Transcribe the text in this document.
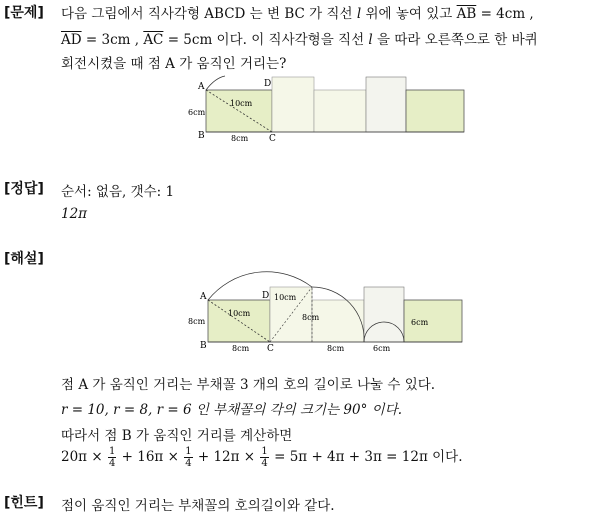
[문제] 다음 그림에서 직사각형 ABCD 는 변 BC 가 직선 l 위에 놓여 있고 $\overline{AB} = 4cm$ ,
$\overline{AD} = 3cm$ , $\overline{AC} = 5cm$ 이다. 이 직사각형을 직선 l 을 따라 오른쪽으로 한 바퀴
회전시켰을 때 점 A 가 움직인 거리는?
A	D
B	C
6cm
10cm
8cm
[정답] 순서: 없음, 갯수: 1
12π
[해설]
A	D
B	C
8cm
10cm
10cm
8cm
6cm
8cm	8cm	6cm
점 A 가 움직인 거리는 부채꼴 3 개의 호의 길이로 나눌 수 있다.
r = 10, r = 8, r = 6 인 부채꼴의 각의 크기는 90° 이다.
따라서 점 B 가 움직인 거리를 계산하면
$20\pi \times \frac{1}{4} + 16\pi \times \frac{1}{4} + 12\pi \times \frac{1}{4} = 5\pi + 4\pi + 3\pi = 12\pi$ 이다.
[힌트] 점이 움직인 거리는 부채꼴의 호의길이와 같다.
